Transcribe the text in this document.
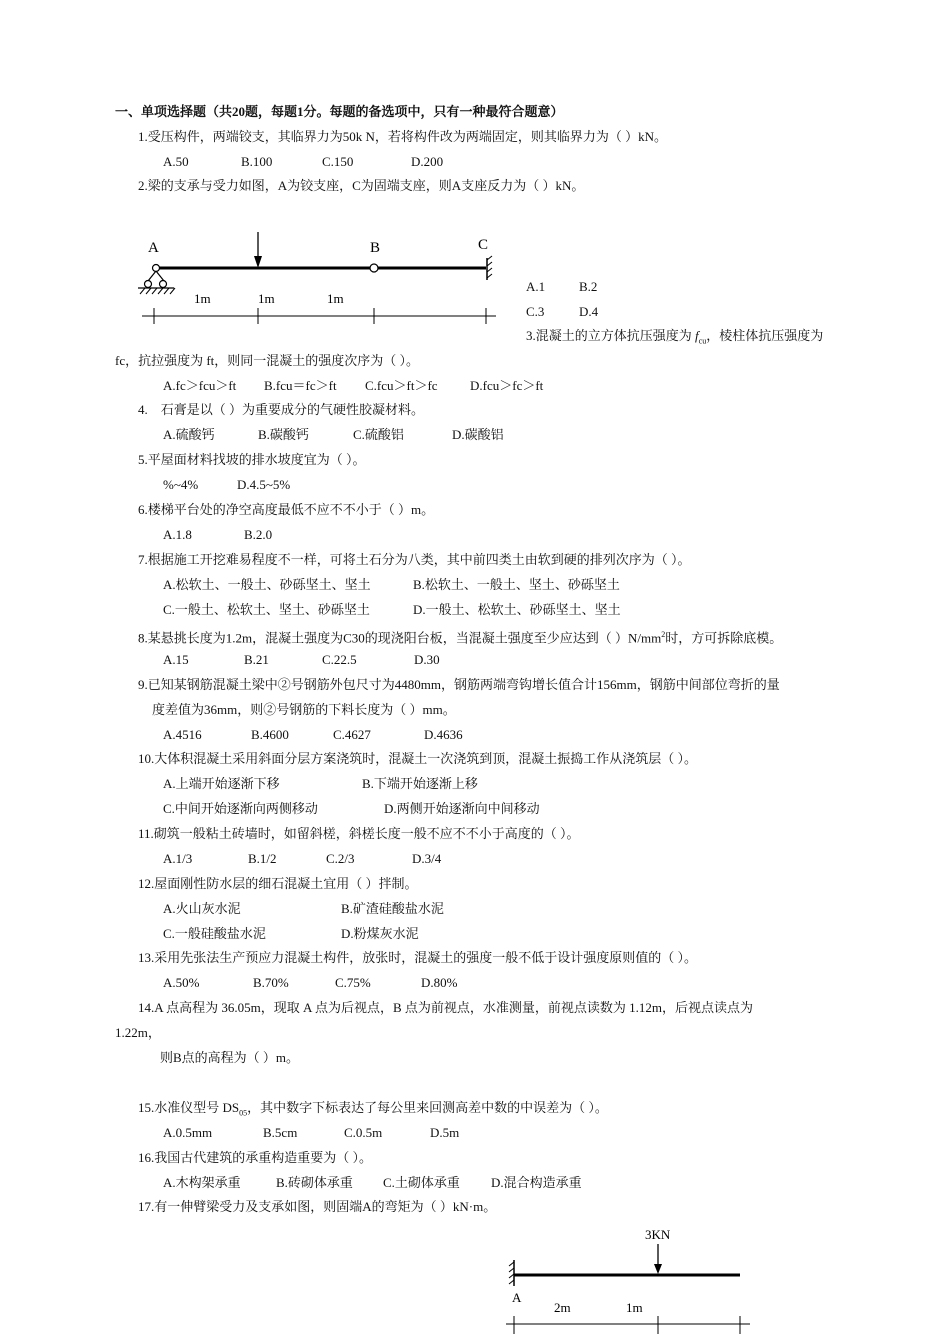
一、单项选择题（共20题，每题1分。每题的备选项中，只有一种最符合题意）
1.受压构件，两端铰支，其临界力为50k N，若将构件改为两端固定，则其临界力为（ ）kN。
A.50	B.100	C.150	D.200
2.梁的支承与受力如图，A为铰支座，C为固端支座，则A支座反力为（ ）kN。
A	B	C
1m	1m	1m
A.1	B.2
C.3	D.4
3.混凝土的立方体抗压强度为 $f_{cu}$，棱柱体抗压强度为
fc，抗拉强度为 ft，则同一混凝土的强度次序为（ ）。
A.fc＞fcu＞ft B.fcu＝fc＞ft C.fcu＞ft＞fc D.fcu＞fc＞ft
4.　石膏是以（ ）为重要成分的气硬性胶凝材料。
A.硫酸钙	B.碳酸钙	C.硫酸铝	D.碳酸铝
5.平屋面材料找坡的排水坡度宜为（ ）。
%~4%	D.4.5~5%
6.楼梯平台处的净空高度最低不应不不小于（ ）m。
A.1.8	B.2.0
7.根据施工开挖难易程度不一样，可将土石分为八类，其中前四类土由软到硬的排列次序为（ ）。
A.松软土、一般土、砂砾坚土、坚土	B.松软土、一般土、坚土、砂砾坚土
C.一般土、松软土、坚土、砂砾坚土	D.一般土、松软土、砂砾坚土、坚土
8.某悬挑长度为1.2m，混凝土强度为C30的现浇阳台板，当混凝土强度至少应达到（ ）$N/mm^2$时，方可拆除底模。
A.15	B.21	C.22.5	D.30
9.已知某钢筋混凝土梁中②号钢筋外包尺寸为4480mm，钢筋两端弯钩增长值合计156mm，钢筋中间部位弯折的量
度差值为36mm，则②号钢筋的下料长度为（ ）mm。
A.4516	B.4600	C.4627	D.4636
10.大体积混凝土采用斜面分层方案浇筑时，混凝土一次浇筑到顶，混凝土振捣工作从浇筑层（ ）。
A.上端开始逐渐下移	B.下端开始逐渐上移
C.中间开始逐渐向两侧移动	D.两侧开始逐渐向中间移动
11.砌筑一般粘土砖墙时，如留斜槎，斜槎长度一般不应不不小于高度的（ ）。
A.1/3	B.1/2	C.2/3	D.3/4
12.屋面刚性防水层的细石混凝土宜用（ ）拌制。
A.火山灰水泥	B.矿渣硅酸盐水泥
C.一般硅酸盐水泥	D.粉煤灰水泥
13.采用先张法生产预应力混凝土构件，放张时，混凝土的强度一般不低于设计强度原则值的（ ）。
A.50%	B.70%	C.75%	D.80%
14.A 点高程为 36.05m，现取 A 点为后视点，B 点为前视点，水准测量，前视点读数为 1.12m，后视点读点为
1.22m，
则B点的高程为（ ）m。
15.水准仪型号 $DS_{05}$，其中数字下标表达了每公里来回测高差中数的中误差为（ ）。
A.0.5mm	B.5cm	C.0.5m	D.5m
16.我国古代建筑的承重构造重要为（ ）。
A.木构架承重	B.砖砌体承重 C.土砌体承重 D.混合构造承重
17.有一伸臂梁受力及支承如图，则固端A的弯矩为（ ）kN·m。
3KN
A
2m	1m
